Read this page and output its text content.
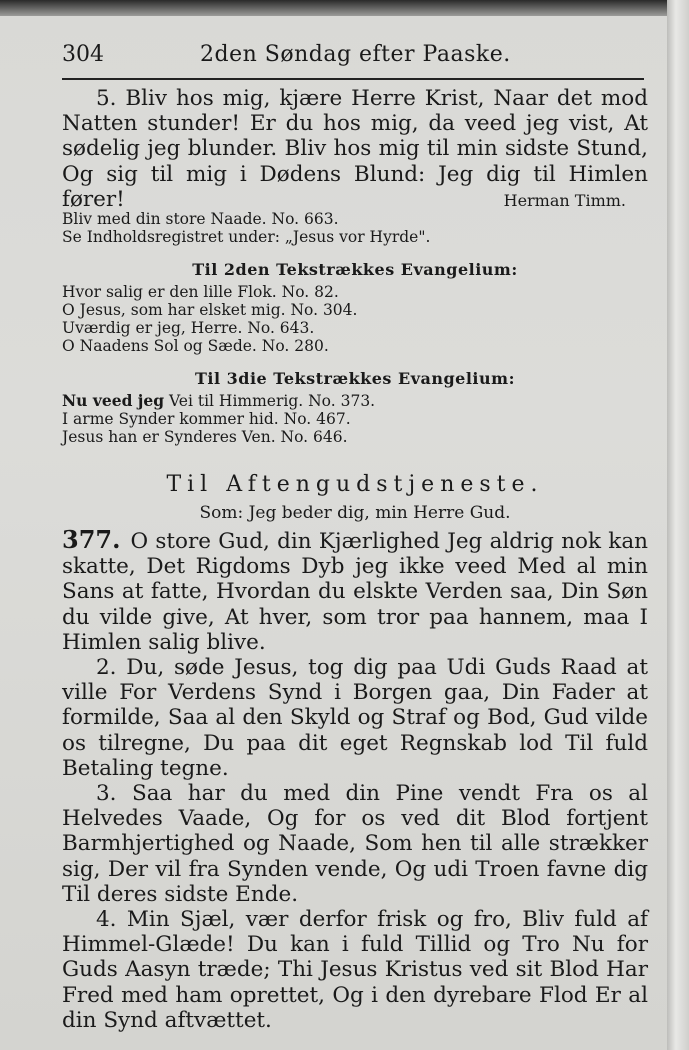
304	2den Søndag efter Paaske.

5. Bliv hos mig, kjære Herre Krist, Naar det mod Natten stunder! Er du hos mig, da veed jeg vist, At sødelig jeg blunder. Bliv hos mig til min sidste Stund, Og sig til mig i Dødens Blund: Jeg dig til Himlen fører!	Herman Timm.

Bliv med din store Naade. No. 663.

Se Indholdsregistret under: „Jesus vor Hyrde".

Til 2den Tekstrækkes Evangelium:

Hvor salig er den lille Flok. No. 82.

O Jesus, som har elsket mig. No. 304.

Uværdig er jeg, Herre. No. 643.

O Naadens Sol og Sæde. No. 280.

Til 3die Tekstrækkes Evangelium:

Nu veed jeg Vei til Himmerig. No. 373.

I arme Synder kommer hid. No. 467.

Jesus han er Synderes Ven. No. 646.

Til Aftengudstjeneste.
Som: Jeg beder dig, min Herre Gud.

377. O store Gud, din Kjærlighed Jeg aldrig nok kan skatte, Det Rigdoms Dyb jeg ikke veed Med al min Sans at fatte, Hvordan du elskte Verden saa, Din Søn du vilde give, At hver, som tror paa hannem, maa I Himlen salig blive.

2. Du, søde Jesus, tog dig paa Udi Guds Raad at ville For Verdens Synd i Borgen gaa, Din Fader at formilde, Saa al den Skyld og Straf og Bod, Gud vilde os tilregne, Du paa dit eget Regnskab lod Til fuld Betaling tegne.

3. Saa har du med din Pine vendt Fra os al Helvedes Vaade, Og for os ved dit Blod fortjent Barmhjertighed og Naade, Som hen til alle strækker sig, Der vil fra Synden vende, Og udi Troen favne dig Til deres sidste Ende.

4. Min Sjæl, vær derfor frisk og fro, Bliv fuld af Himmel-Glæde! Du kan i fuld Tillid og Tro Nu for Guds Aasyn træde; Thi Jesus Kristus ved sit Blod Har Fred med ham oprettet, Og i den dyrebare Flod Er al din Synd aftvættet.
